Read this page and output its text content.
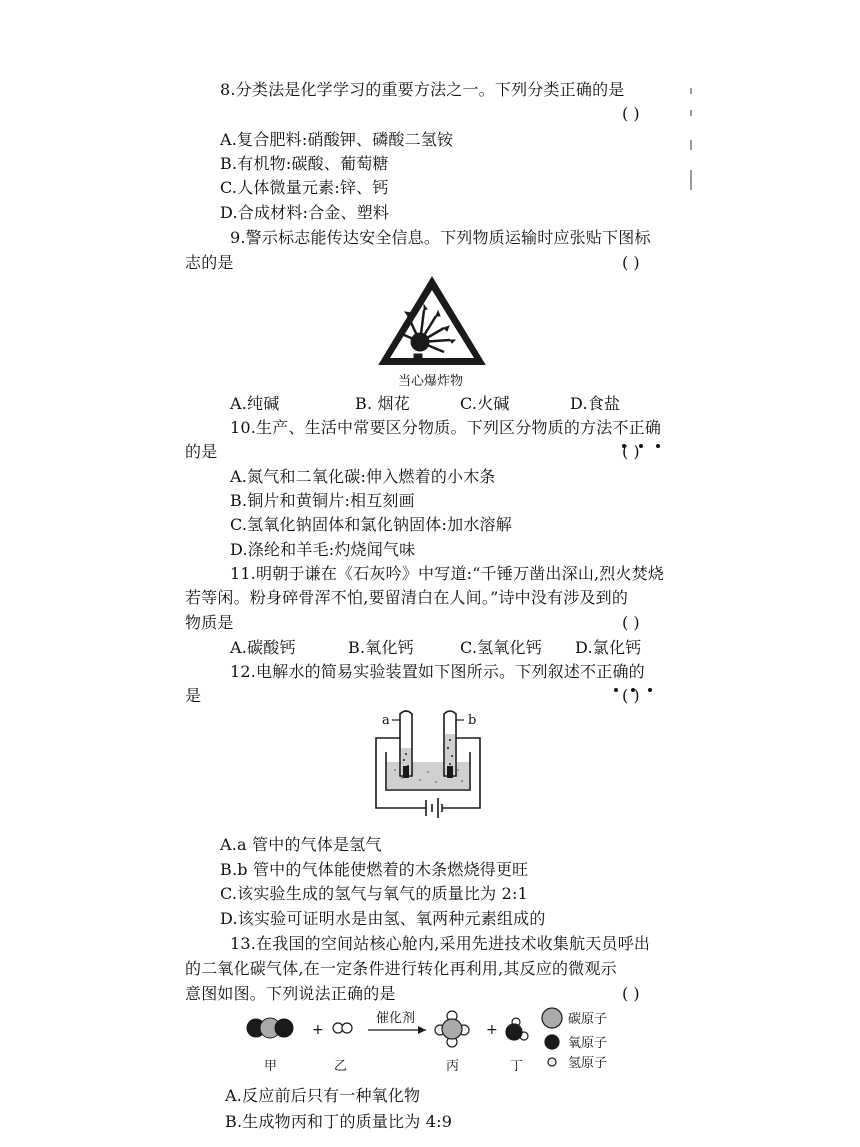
8.分类法是化学学习的重要方法之一。下列分类正确的是
( )
A.复合肥料:硝酸钾、磷酸二氢铵
B.有机物:碳酸、葡萄糖
C.人体微量元素:锌、钙
D.合成材料:合金、塑料
9.警示标志能传达安全信息。下列物质运输时应张贴下图标
志的是	( )
当心爆炸物
A.纯碱	B. 烟花	C.火碱	D.食盐
10.生产、生活中常要区分物质。下列区分物质的方法不正确
的是	( )
A.氮气和二氧化碳:伸入燃着的小木条
B.铜片和黄铜片:相互刻画
C.氢氧化钠固体和氯化钠固体:加水溶解
D.涤纶和羊毛:灼烧闻气味
11.明朝于谦在《石灰吟》中写道:“千锤万凿出深山,烈火焚烧
若等闲。粉身碎骨浑不怕,要留清白在人间。”诗中没有涉及到的
物质是	( )
A.碳酸钙	B.氧化钙	C.氢氧化钙 D.氯化钙
12.电解水的简易实验装置如下图所示。下列叙述不正确的
是	( )
a	b
A.a 管中的气体是氢气
B.b 管中的气体能使燃着的木条燃烧得更旺
C.该实验生成的氢气与氧气的质量比为 2:1
D.该实验可证明水是由氢、氧两种元素组成的
13.在我国的空间站核心舱内,采用先进技术收集航天员呼出
的二氧化碳气体,在一定条件进行转化再利用,其反应的微观示
意图如图。下列说法正确的是	( )
+
催化剂
+
碳原子
氧原子
氢原子
甲	乙	丙	丁
A.反应前后只有一种氧化物
B.生成物丙和丁的质量比为 4:9
